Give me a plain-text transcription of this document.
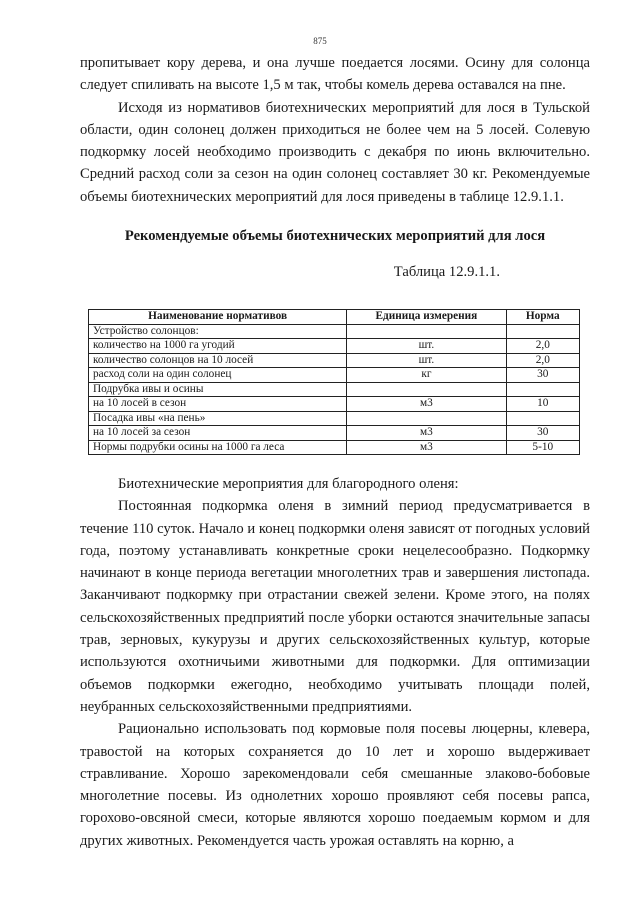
875

пропитывает кору дерева, и она лучше поедается лосями. Осину для солонца следует спиливать на высоте 1,5 м так, чтобы комель дерева оставался на пне.

Исходя из нормативов биотехнических мероприятий для лося в Тульской области, один солонец должен приходиться не более чем на 5 лосей. Солевую подкормку лосей необходимо производить с декабря по июнь включительно. Средний расход соли за сезон на один солонец составляет 30 кг. Рекомендуемые объемы биотехнических мероприятий для лося приведены в таблице 12.9.1.1.

Рекомендуемые объемы биотехнических мероприятий для лося
Таблица 12.9.1.1.
Наименование нормативов	Единица измерения	Норма
Устройство солонцов:		
количество на 1000 га угодий	шт.	2,0
количество солонцов на 10 лосей	шт.	2,0
расход соли на один солонец	кг	30
Подрубка ивы и осины		
на 10 лосей в сезон	м3	10
Посадка ивы «на пень»		
на 10 лосей за сезон	м3	30
Нормы подрубки осины на 1000 га леса	м3	5-10

Биотехнические мероприятия для благородного оленя:

Постоянная подкормка оленя в зимний период предусматривается в течение 110 суток. Начало и конец подкормки оленя зависят от погодных условий года, поэтому устанавливать конкретные сроки нецелесообразно. Подкормку начинают в конце периода вегетации многолетних трав и завершения листопада. Заканчивают подкормку при отрастании свежей зелени. Кроме этого, на полях сельскохозяйственных предприятий после уборки остаются значительные запасы трав, зерновых, кукурузы и других сельскохозяйственных культур, которые используются охотничьими животными для подкормки. Для оптимизации объемов подкормки ежегодно, необходимо учитывать площади полей, неубранных сельскохозяйственными предприятиями.

Рационально использовать под кормовые поля посевы люцерны, клевера, травостой на которых сохраняется до 10 лет и хорошо выдерживает стравливание. Хорошо зарекомендовали себя смешанные злаково-бобовые многолетние посевы. Из однолетних хорошо проявляют себя посевы рапса, горохово-овсяной смеси, которые являются хорошо поедаемым кормом и для других животных. Рекомендуется часть урожая оставлять на корню, а
